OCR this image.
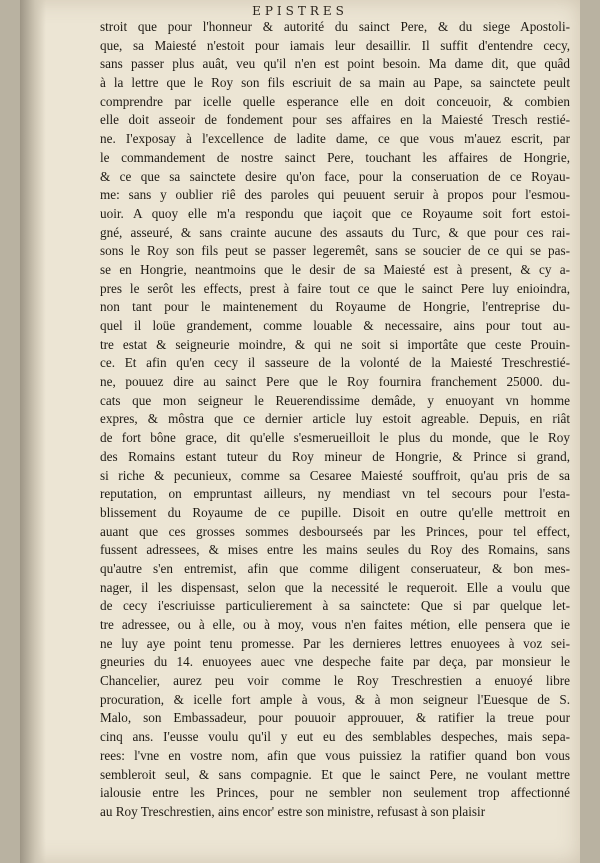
EPISTRES
stroit que pour l'honneur & autorité du sainct Pere, & du siege Apostoli-
que, sa Maiesté n'estoit pour iamais leur desaillir. Il suffit d'entendre cecy,
sans passer plus auât, veu qu'il n'en est point besoin. Ma dame dit, que quâd
à la lettre que le Roy son fils escriuit de sa main au Pape, sa sainctete peult
comprendre par icelle quelle esperance elle en doit conceuoir, & combien
elle doit asseoir de fondement pour ses affaires en la Maiesté Tresch restié-
ne. I'exposay à l'excellence de ladite dame, ce que vous m'auez escrit, par
le commandement de nostre sainct Pere, touchant les affaires de Hongrie,
& ce que sa sainctete desire qu'on face, pour la conseruation de ce Royau-
me: sans y oublier riê des paroles qui peuuent seruir à propos pour l'esmou-
uoir. A quoy elle m'a respondu que iaçoit que ce Royaume soit fort estoi-
gné, asseuré, & sans crainte aucune des assauts du Turc, & que pour ces rai-
sons le Roy son fils peut se passer legeremêt, sans se soucier de ce qui se pas-
se en Hongrie, neantmoins que le desir de sa Maiesté est à present, & cy a-
pres le serôt les effects, prest à faire tout ce que le sainct Pere luy enioindra,
non tant pour le maintenement du Royaume de Hongrie, l'entreprise du-
quel il loüe grandement, comme louable & necessaire, ains pour tout au-
tre estat & seigneurie moindre, & qui ne soit si importâte que ceste Prouin-
ce. Et afin qu'en cecy il sasseure de la volonté de la Maiesté Treschrestié-
ne, pouuez dire au sainct Pere que le Roy fournira franchement 25000. du-
cats que mon seigneur le Reuerendissime demâde, y enuoyant vn homme
expres, & môstra que ce dernier article luy estoit agreable. Depuis, en riât
de fort bône grace, dit qu'elle s'esmerueilloit le plus du monde, que le Roy
des Romains estant tuteur du Roy mineur de Hongrie, & Prince si grand,
si riche & pecunieux, comme sa Cesaree Maiesté souffroit, qu'au pris de sa
reputation, on empruntast ailleurs, ny mendiast vn tel secours pour l'esta-
blissement du Royaume de ce pupille. Disoit en outre qu'elle mettroit en
auant que ces grosses sommes desbourseés par les Princes, pour tel effect,
fussent adressees, & mises entre les mains seules du Roy des Romains, sans
qu'autre s'en entremist, afin que comme diligent conseruateur, & bon mes-
nager, il les dispensast, selon que la necessité le requeroit. Elle a voulu que
de cecy i'escriuisse particulierement à sa sainctete: Que si par quelque let-
tre adressee, ou à elle, ou à moy, vous n'en faites métion, elle pensera que ie
ne luy aye point tenu promesse. Par les dernieres lettres enuoyees à voz sei-
gneuries du 14. enuoyees auec vne despeche faite par deça, par monsieur le
Chancelier, aurez peu voir comme le Roy Treschrestien a enuoyé libre
procuration, & icelle fort ample à vous, & à mon seigneur l'Euesque de S.
Malo, son Embassadeur, pour pouuoir approuuer, & ratifier la treue pour
cinq ans. I'eusse voulu qu'il y eut eu des semblables despeches, mais sepa-
rees: l'vne en vostre nom, afin que vous puissiez la ratifier quand bon vous
sembleroit seul, & sans compagnie. Et que le sainct Pere, ne voulant mettre
ialousie entre les Princes, pour ne sembler non seulement trop affectionné
au Roy Treschrestien, ains encor' estre son ministre, refusast à son plaisir
